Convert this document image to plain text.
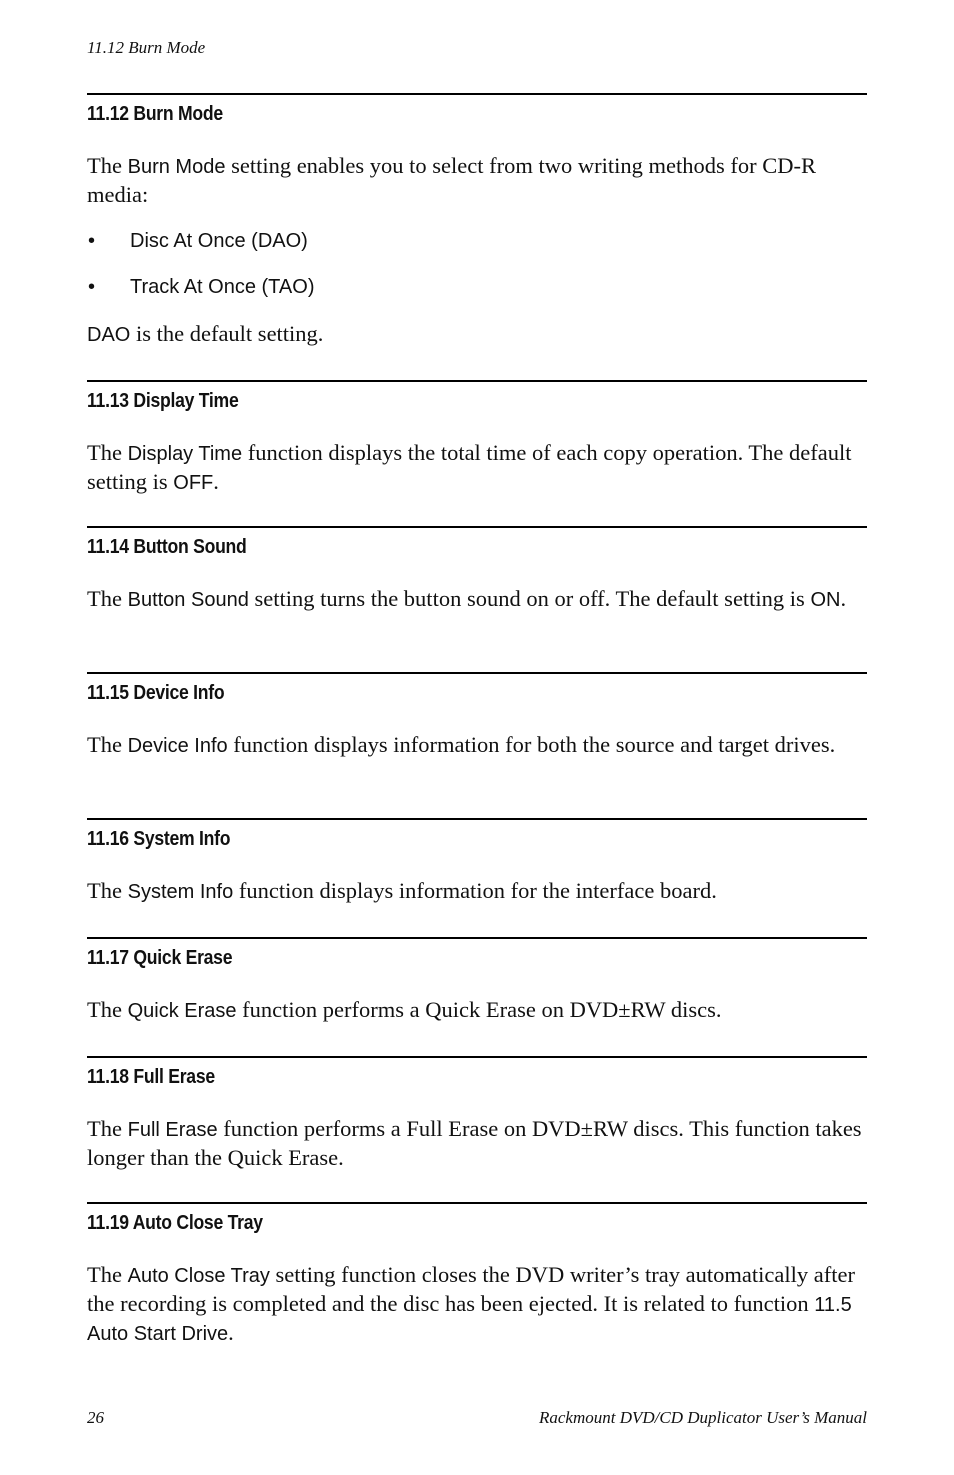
11.12 Burn Mode
11.12 Burn Mode

The Burn Mode setting enables you to select from two writing methods for CD-R media:

• Disc At Once (DAO)
• Track At Once (TAO)

DAO is the default setting.

11.13 Display Time

The Display Time function displays the total time of each copy operation. The default setting is OFF.

11.14 Button Sound

The Button Sound setting turns the button sound on or off. The default setting is ON.

11.15 Device Info

The Device Info function displays information for both the source and target drives.

11.16 System Info

The System Info function displays information for the interface board.

11.17 Quick Erase

The Quick Erase function performs a Quick Erase on DVD±RW discs.

11.18 Full Erase

The Full Erase function performs a Full Erase on DVD±RW discs. This function takes longer than the Quick Erase.

11.19 Auto Close Tray

The Auto Close Tray setting function closes the DVD writer’s tray automatically after the recording is completed and the disc has been ejected. It is related to function 11.5 Auto Start Drive.

26	Rackmount DVD/CD Duplicator User’s Manual
